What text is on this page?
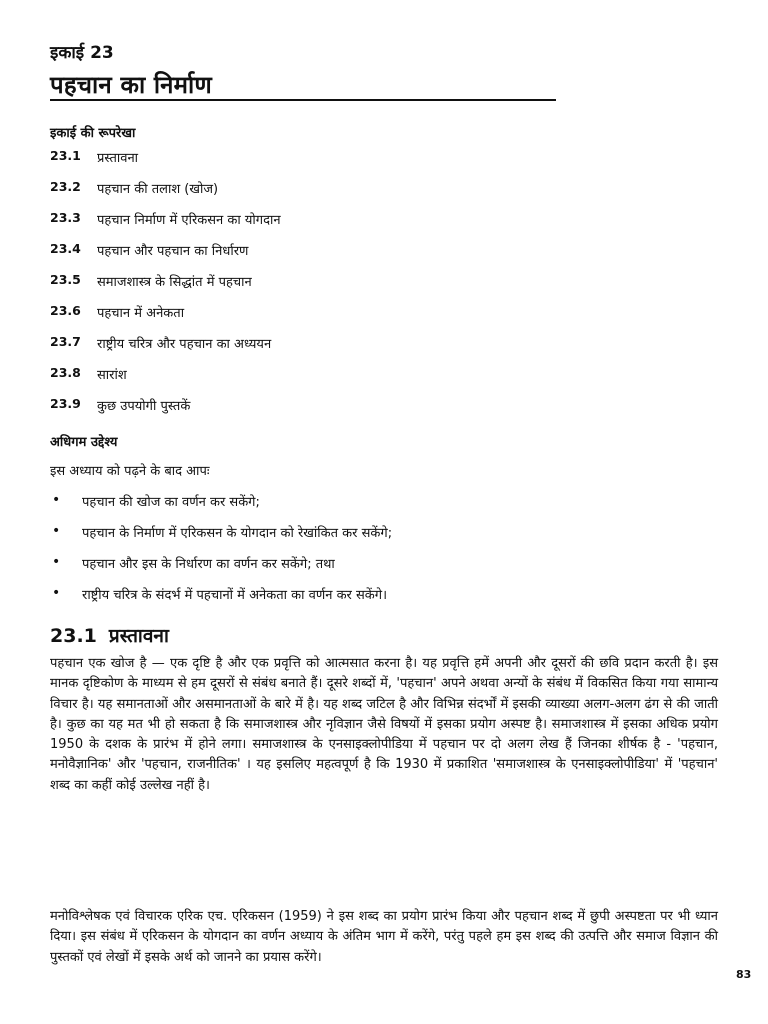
इकाई 23
पहचान का निर्माण
इकाई की रूपरेखा
23.1	प्रस्तावना
23.2	पहचान की तलाश (खोज)
23.3	पहचान निर्माण में एरिकसन का योगदान
23.4	पहचान और पहचान का निर्धारण
23.5	समाजशास्त्र के सिद्धांत में पहचान
23.6	पहचान में अनेकता
23.7	राष्ट्रीय चरित्र और पहचान का अध्ययन
23.8	सारांश
23.9	कुछ उपयोगी पुस्तकें
अधिगम उद्देश्य
इस अध्याय को पढ़ने के बाद आपः
•	पहचान की खोज का वर्णन कर सकेंगे;
•	पहचान के निर्माण में एरिकसन के योगदान को रेखांकित कर सकेंगे;
•	पहचान और इस के निर्धारण का वर्णन कर सकेंगे; तथा
•	राष्ट्रीय चरित्र के संदर्भ में पहचानों में अनेकता का वर्णन कर सकेंगे।
23.1 प्रस्तावना

पहचान एक खोज है — एक दृष्टि है और एक प्रवृत्ति को आत्मसात करना है। यह प्रवृत्ति हमें अपनी और दूसरों की छवि प्रदान करती है। इस मानक दृष्टिकोण के माध्यम से हम दूसरों से संबंध बनाते हैं। दूसरे शब्दों में, 'पहचान' अपने अथवा अन्यों के संबंध में विकसित किया गया सामान्य विचार है। यह समानताओं और असमानताओं के बारे में है। यह शब्द जटिल है और विभिन्न संदर्भों में इसकी व्याख्या अलग-अलग ढंग से की जाती है। कुछ का यह मत भी हो सकता है कि समाजशास्त्र और नृविज्ञान जैसे विषयों में इसका प्रयोग अस्पष्ट है। समाजशास्त्र में इसका अधिक प्रयोग 1950 के दशक के प्रारंभ में होने लगा। समाजशास्त्र के एनसाइक्लोपीडिया में पहचान पर दो अलग लेख हैं जिनका शीर्षक है - 'पहचान, मनोवैज्ञानिक' और 'पहचान, राजनीतिक' । यह इसलिए महत्वपूर्ण है कि 1930 में प्रकाशित 'समाजशास्त्र के एनसाइक्लोपीडिया' में 'पहचान' शब्द का कहीं कोई उल्लेख नहीं है।

मनोविश्लेषक एवं विचारक एरिक एच. एरिकसन (1959) ने इस शब्द का प्रयोग प्रारंभ किया और पहचान शब्द में छुपी अस्पष्टता पर भी ध्यान दिया। इस संबंध में एरिकसन के योगदान का वर्णन अध्याय के अंतिम भाग में करेंगे, परंतु पहले हम इस शब्द की उत्पत्ति और समाज विज्ञान की पुस्तकों एवं लेखों में इसके अर्थ को जानने का प्रयास करेंगे।

83
